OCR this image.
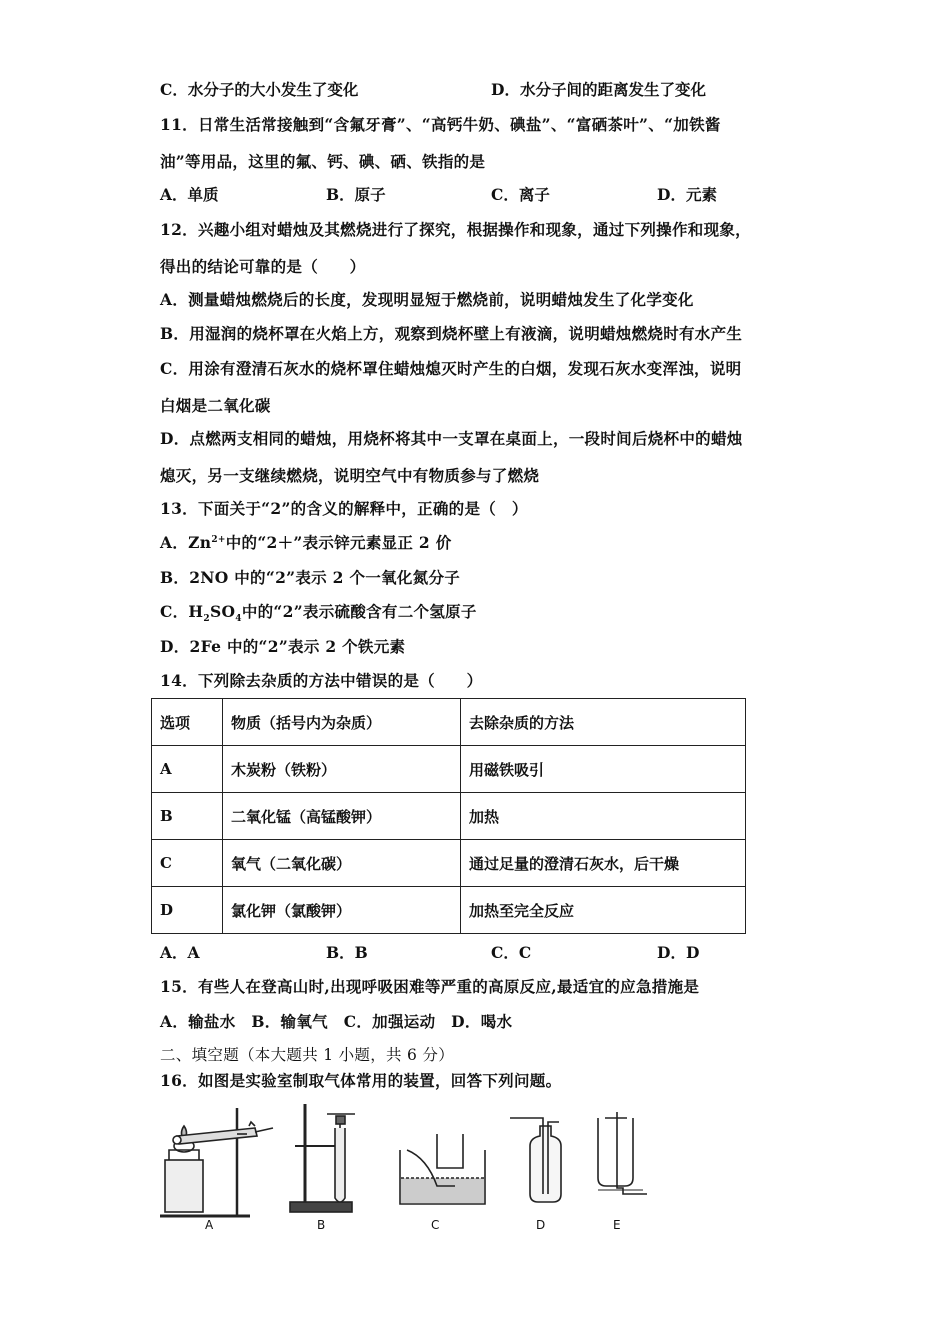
C．水分子的大小发生了变化	D．水分子间的距离发生了变化
11．日常生活常接触到“含氟牙膏”、“高钙牛奶、碘盐”、“富硒茶叶”、“加铁酱
油”等用品，这里的氟、钙、碘、硒、铁指的是
A．单质	B．原子	C．离子	D．元素
12．兴趣小组对蜡烛及其燃烧进行了探究，根据操作和现象，通过下列操作和现象，
得出的结论可靠的是（　　）
A．测量蜡烛燃烧后的长度，发现明显短于燃烧前，说明蜡烛发生了化学变化
B．用湿润的烧杯罩在火焰上方，观察到烧杯壁上有液滴，说明蜡烛燃烧时有水产生
C．用涂有澄清石灰水的烧杯罩住蜡烛熄灭时产生的白烟，发现石灰水变浑浊，说明
白烟是二氧化碳
D．点燃两支相同的蜡烛，用烧杯将其中一支罩在桌面上，一段时间后烧杯中的蜡烛
熄灭，另一支继续燃烧，说明空气中有物质参与了燃烧
13．下面关于“2”的含义的解释中，正确的是（　）
A．$Zn^{2+}$中的“2＋”表示锌元素显正 2 价
B．2NO 中的“2”表示 2 个一氧化氮分子
C．$H_2SO_4$中的“2”表示硫酸含有二个氢原子
D．2Fe 中的“2”表示 2 个铁元素
14．下列除去杂质的方法中错误的是（　　）
选项	物质（括号内为杂质）	去除杂质的方法
A	木炭粉（铁粉）	用磁铁吸引
B	二氧化锰（高锰酸钾）	加热
C	氧气（二氧化碳）	通过足量的澄清石灰水，后干燥
D	氯化钾（氯酸钾）	加热至完全反应
A．A	B．B	C．C	D．D
15．有些人在登高山时,出现呼吸困难等严重的高原反应,最适宜的应急措施是
A．输盐水　B．输氧气　C．加强运动　D．喝水
二、填空题（本大题共 1 小题，共 6 分）
16．如图是实验室制取气体常用的装置，回答下列问题。
A	B	C	D	E
